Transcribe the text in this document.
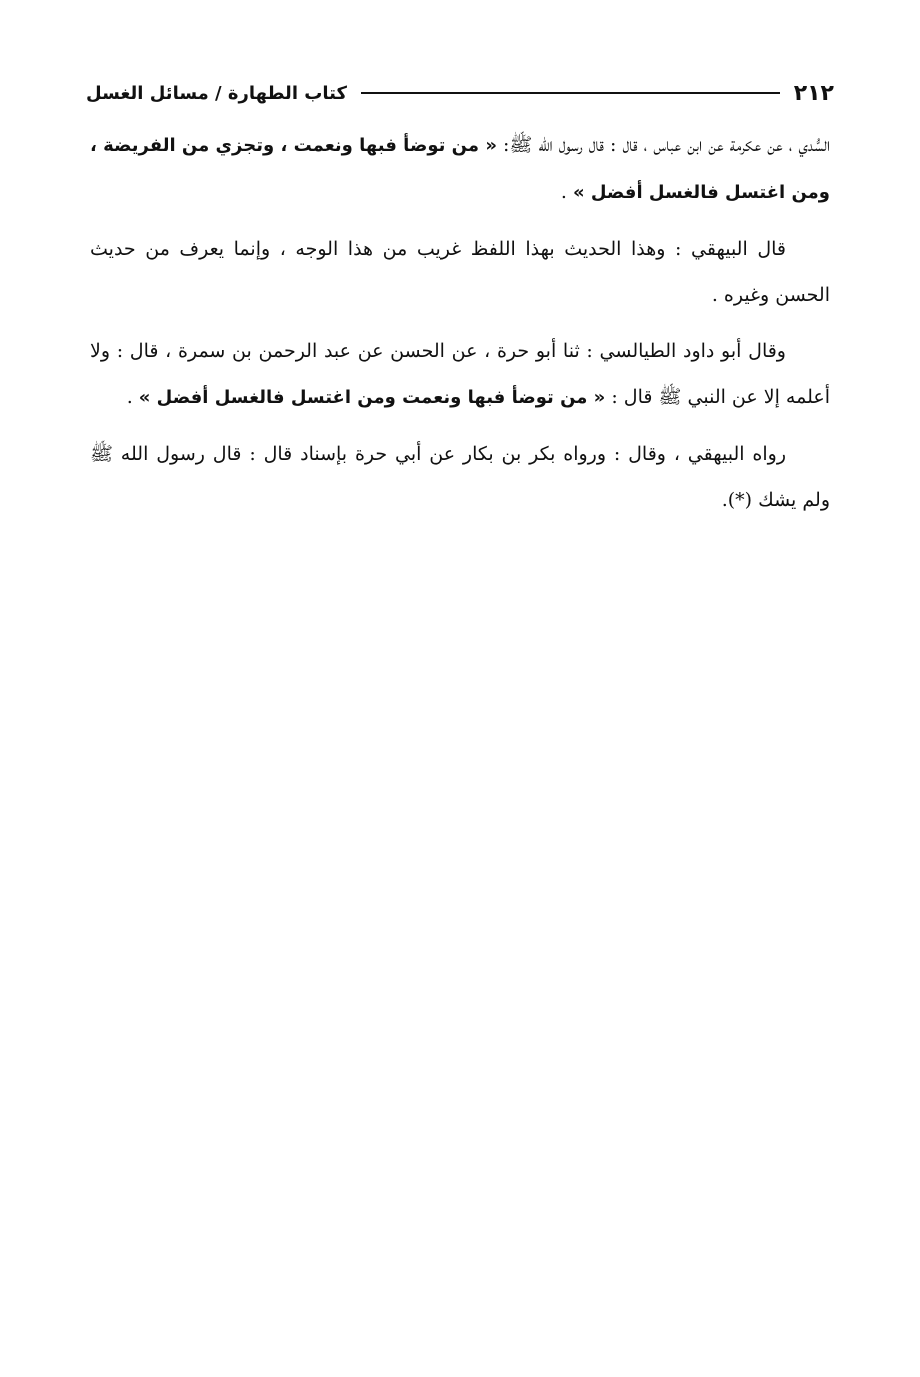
٢١٢
كتاب الطهارة / مسائل الغسل

السُّدي ، عن عكرمة عن ابن عباس ، قال : قال رسول الله ﷺ: « من توضأ فبها ونعمت ، وتجزي من الفريضة ، ومن اغتسل فالغسل أفضل » .

قال البيهقي : وهذا الحديث بهذا اللفظ غريب من هذا الوجه ، وإنما يعرف من حديث الحسن وغيره .

وقال أبو داود الطيالسي : ثنا أبو حرة ، عن الحسن عن عبد الرحمن بن سمرة ، قال : ولا أعلمه إلا عن النبي ﷺ قال : « من توضأ فبها ونعمت ومن اغتسل فالغسل أفضل » .

رواه البيهقي ، وقال : ورواه بكر بن بكار عن أبي حرة بإسناد قال : قال رسول الله ﷺ ولم يشك (*).
